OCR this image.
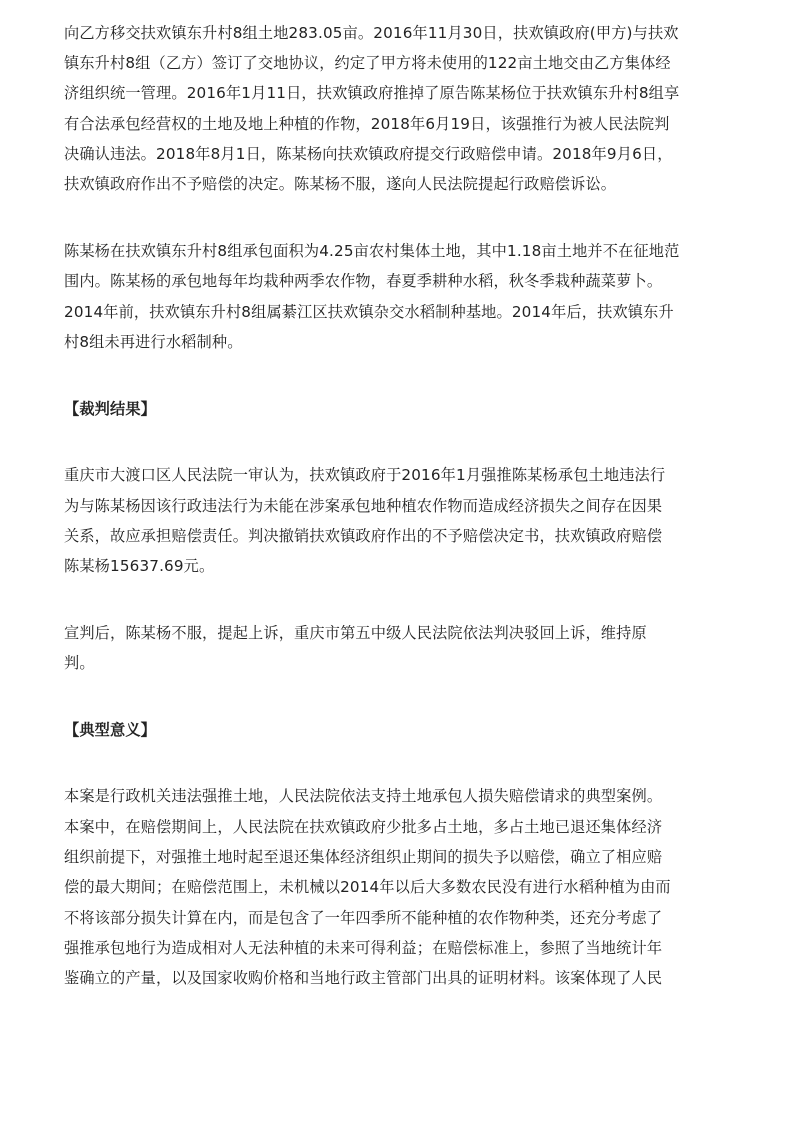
向乙方移交扶欢镇东升村8组土地283.05亩。2016年11月30日，扶欢镇政府(甲方)与扶欢
镇东升村8组（乙方）签订了交地协议，约定了甲方将未使用的122亩土地交由乙方集体经
济组织统一管理。2016年1月11日，扶欢镇政府推掉了原告陈某杨位于扶欢镇东升村8组享
有合法承包经营权的土地及地上种植的作物，2018年6月19日，该强推行为被人民法院判
决确认违法。2018年8月1日，陈某杨向扶欢镇政府提交行政赔偿申请。2018年9月6日，
扶欢镇政府作出不予赔偿的决定。陈某杨不服，遂向人民法院提起行政赔偿诉讼。
陈某杨在扶欢镇东升村8组承包面积为4.25亩农村集体土地，其中1.18亩土地并不在征地范
围内。陈某杨的承包地每年均栽种两季农作物，春夏季耕种水稻，秋冬季栽种蔬菜萝卜。
2014年前，扶欢镇东升村8组属綦江区扶欢镇杂交水稻制种基地。2014年后，扶欢镇东升
村8组未再进行水稻制种。
【裁判结果】
重庆市大渡口区人民法院一审认为，扶欢镇政府于2016年1月强推陈某杨承包土地违法行
为与陈某杨因该行政违法行为未能在涉案承包地种植农作物而造成经济损失之间存在因果
关系，故应承担赔偿责任。判决撤销扶欢镇政府作出的不予赔偿决定书，扶欢镇政府赔偿
陈某杨15637.69元。
宣判后，陈某杨不服，提起上诉，重庆市第五中级人民法院依法判决驳回上诉，维持原
判。
【典型意义】
本案是行政机关违法强推土地，人民法院依法支持土地承包人损失赔偿请求的典型案例。
本案中，在赔偿期间上，人民法院在扶欢镇政府少批多占土地，多占土地已退还集体经济
组织前提下，对强推土地时起至退还集体经济组织止期间的损失予以赔偿，确立了相应赔
偿的最大期间；在赔偿范围上，未机械以2014年以后大多数农民没有进行水稻种植为由而
不将该部分损失计算在内，而是包含了一年四季所不能种植的农作物种类，还充分考虑了
强推承包地行为造成相对人无法种植的未来可得利益；在赔偿标准上，参照了当地统计年
鉴确立的产量，以及国家收购价格和当地行政主管部门出具的证明材料。该案体现了人民
